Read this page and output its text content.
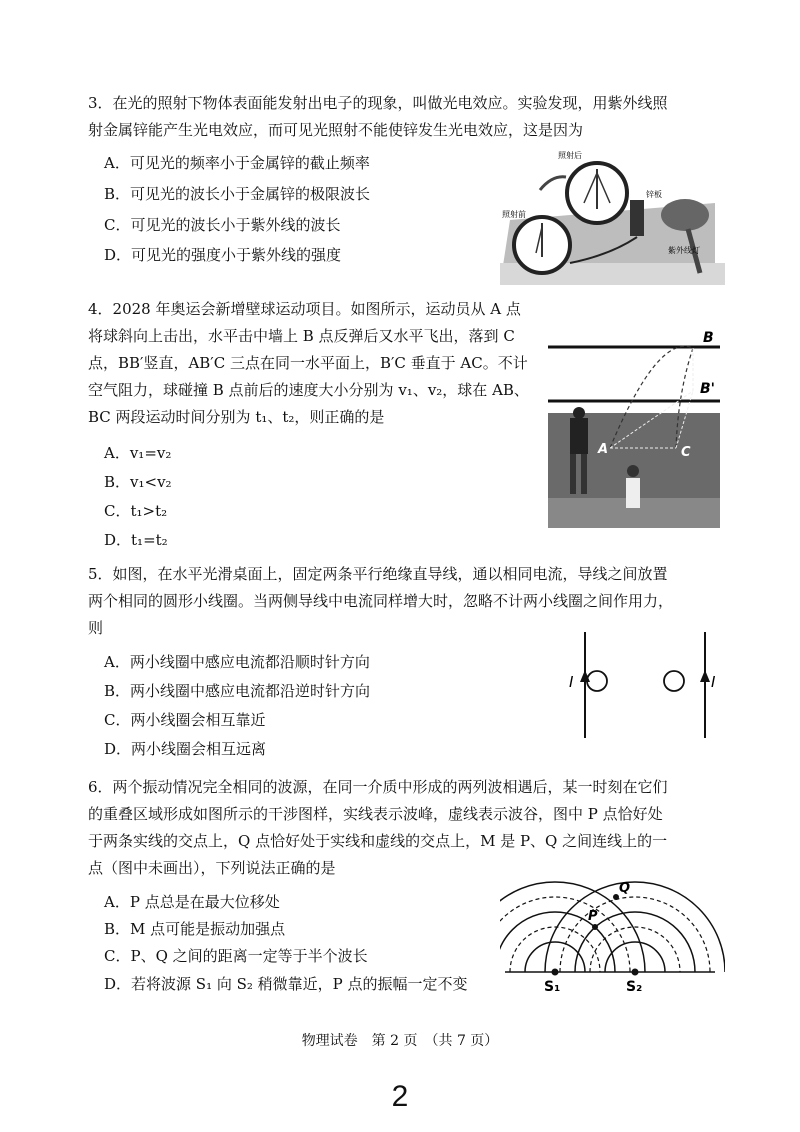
3．在光的照射下物体表面能发射出电子的现象，叫做光电效应。实验发现，用紫外线照
射金属锌能产生光电效应，而可见光照射不能使锌发生光电效应，这是因为
A．可见光的频率小于金属锌的截止频率
B．可见光的波长小于金属锌的极限波长
C．可见光的波长小于紫外线的波长
D．可见光的强度小于紫外线的强度
照射后
照射前
锌板
紫外线灯
4．2028 年奥运会新增壁球运动项目。如图所示，运动员从 A 点
将球斜向上击出，水平击中墙上 B 点反弹后又水平飞出，落到 C
点，BB′竖直，AB′C 三点在同一水平面上，B′C 垂直于 AC。不计
空气阻力，球碰撞 B 点前后的速度大小分别为 v₁、v₂，球在 AB、
BC 两段运动时间分别为 t₁、t₂，则正确的是
A．v₁=v₂
B．v₁<v₂
C．t₁>t₂
D．t₁=t₂
B
B'
A	C
5．如图，在水平光滑桌面上，固定两条平行绝缘直导线，通以相同电流，导线之间放置
两个相同的圆形小线圈。当两侧导线中电流同样增大时，忽略不计两小线圈之间作用力，
则
A．两小线圈中感应电流都沿顺时针方向
B．两小线圈中感应电流都沿逆时针方向
C．两小线圈会相互靠近
D．两小线圈会相互远离
I	I
6．两个振动情况完全相同的波源，在同一介质中形成的两列波相遇后，某一时刻在它们
的重叠区域形成如图所示的干涉图样，实线表示波峰，虚线表示波谷，图中 P 点恰好处
于两条实线的交点上，Q 点恰好处于实线和虚线的交点上，M 是 P、Q 之间连线上的一
点（图中未画出），下列说法正确的是
A．P 点总是在最大位移处
B．M 点可能是振动加强点
C．P、Q 之间的距离一定等于半个波长
D．若将波源 S₁ 向 S₂ 稍微靠近，P 点的振幅一定不变
Q
P
S₁	S₂
物理试卷　第 2 页　（共 7 页）
2
